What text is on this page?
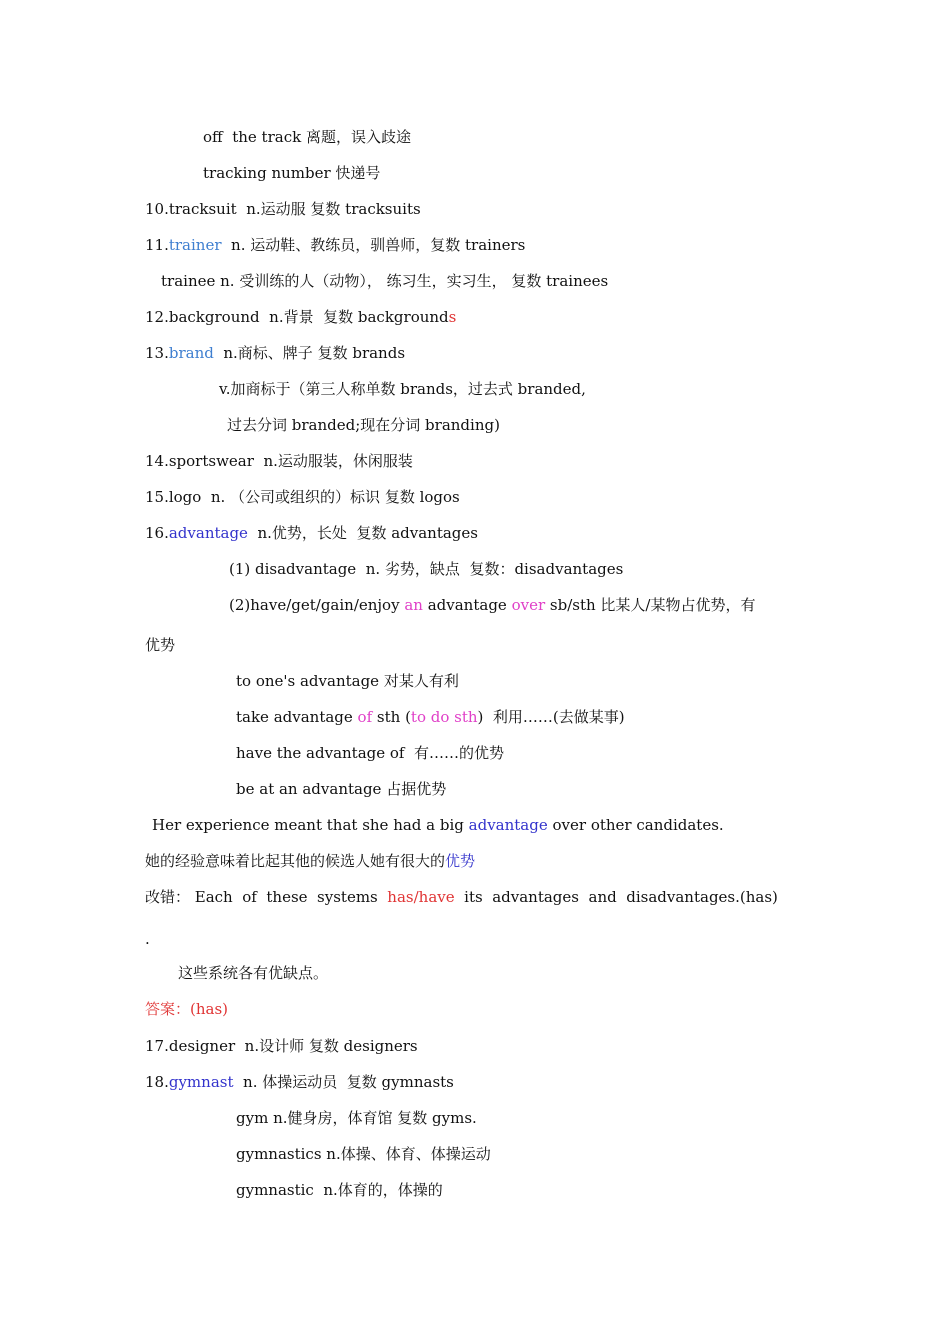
off  the track 离题，误入歧途
tracking number 快递号
10.tracksuit  n.运动服 复数 tracksuits
11.trainer  n. 运动鞋、教练员，驯兽师，复数 trainers
trainee n. 受训练的人（动物）， 练习生，实习生， 复数 trainees
12.background  n.背景  复数 backgrounds
13.brand  n.商标、牌子 复数 brands
v.加商标于（第三人称单数 brands，过去式 branded,
过去分词 branded;现在分词 branding)
14.sportswear  n.运动服装，休闲服装
15.logo  n. （公司或组织的）标识 复数 logos
16.advantage  n.优势，长处  复数 advantages
(1) disadvantage  n. 劣势，缺点  复数：disadvantages
(2)have/get/gain/enjoy an advantage over sb/sth 比某人/某物占优势，有
优势
to one's advantage 对某人有利
take advantage of sth (to do sth)  利用……(去做某事)
have the advantage of  有……的优势
be at an advantage 占据优势
Her experience meant that she had a big advantage over other candidates.
她的经验意味着比起其他的候选人她有很大的优势
改错： Each  of  these  systems  has/have  its  advantages  and  disadvantages.(has)
.
这些系统各有优缺点。
答案：(has)
17.designer  n.设计师 复数 designers
18.gymnast  n. 体操运动员  复数 gymnasts
gym n.健身房，体育馆 复数 gyms.
gymnastics n.体操、体育、体操运动
gymnastic  n.体育的，体操的
